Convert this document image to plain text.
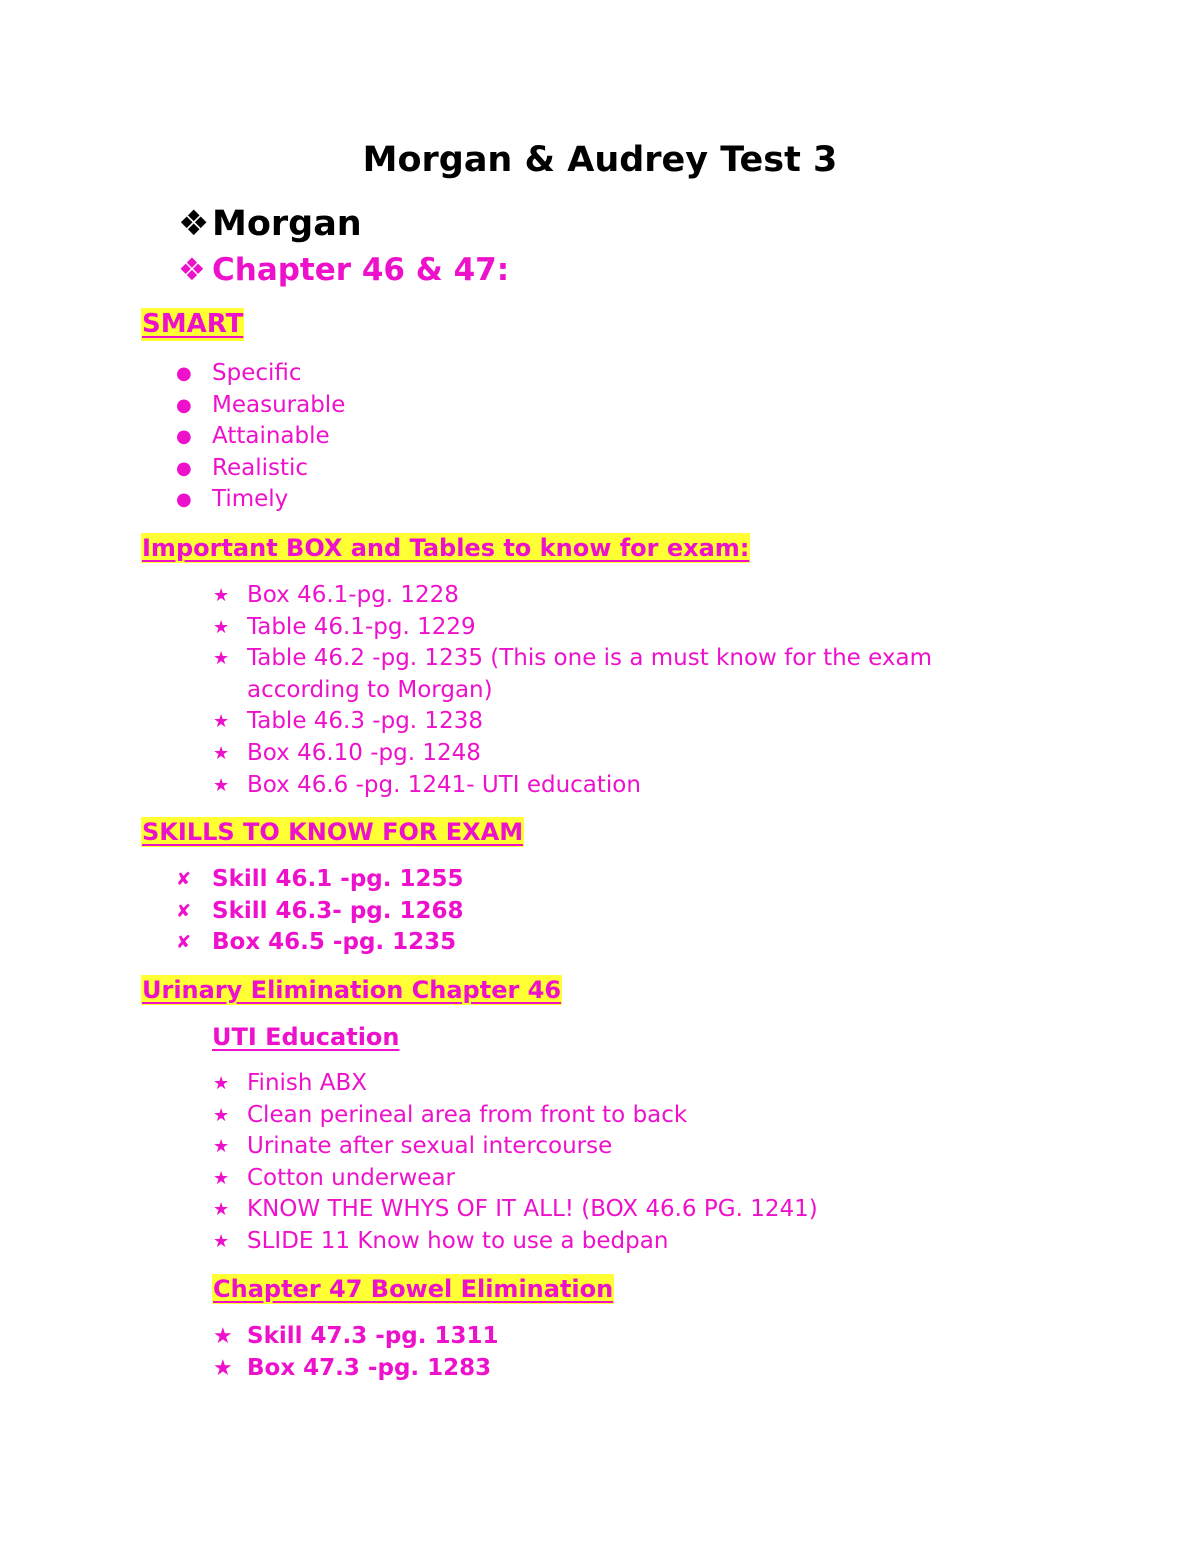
Morgan & Audrey Test 3
❖Morgan
❖ Chapter 46 & 47:
SMART
● Specific
● Measurable
● Attainable
● Realistic
● Timely
Important BOX and Tables to know for exam:
★ Box 46.1-pg. 1228
★ Table 46.1-pg. 1229
★ Table 46.2 -pg. 1235 (This one is a must know for the exam according to Morgan)
★ Table 46.3 -pg. 1238
★ Box 46.10 -pg. 1248
★ Box 46.6 -pg. 1241- UTI education
SKILLS TO KNOW FOR EXAM
✘ Skill 46.1 -pg. 1255
✘ Skill 46.3- pg. 1268
✘ Box 46.5 -pg. 1235
Urinary Elimination Chapter 46
UTI Education
★ Finish ABX
★ Clean perineal area from front to back
★ Urinate after sexual intercourse
★ Cotton underwear
★ KNOW THE WHYS OF IT ALL! (BOX 46.6 PG. 1241)
★ SLIDE 11 Know how to use a bedpan
Chapter 47 Bowel Elimination
★ Skill 47.3 -pg. 1311
★ Box 47.3 -pg. 1283
